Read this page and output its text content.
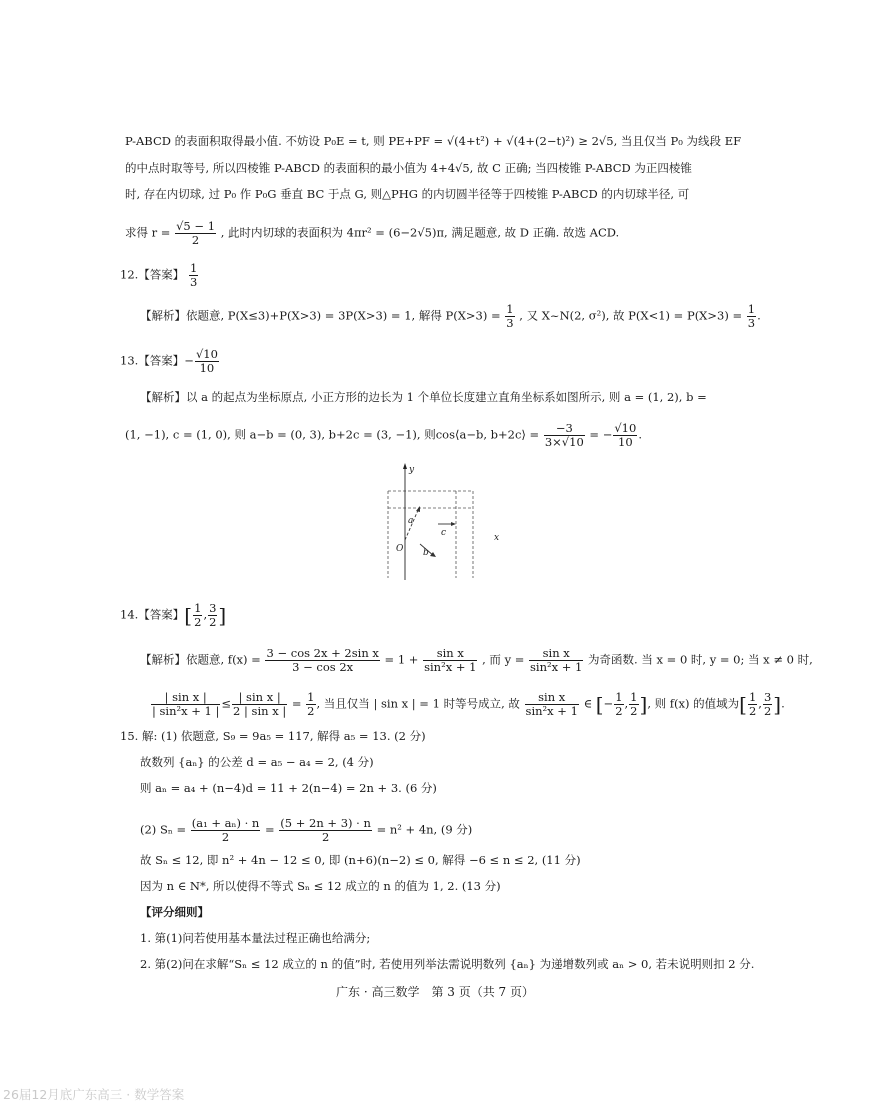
P-ABCD 的表面积取得最小值. 不妨设 P₀E = t, 则 PE+PF = √(4+t²) + √(4+(2−t)²) ≥ 2√5, 当且仅当 P₀ 为线段 EF
的中点时取等号, 所以四棱锥 P-ABCD 的表面积的最小值为 4+4√5, 故 C 正确; 当四棱锥 P-ABCD 为正四棱锥
时, 存在内切球, 过 P₀ 作 P₀G 垂直 BC 于点 G, 则△PHG 的内切圆半径等于四棱锥 P-ABCD 的内切球半径, 可
求得 $r = \frac{√5 - 1}{2}$ , 此时内切球的表面积为 4πr² = (6−2√5)π, 满足题意, 故 D 正确. 故选 ACD.
12.【答案】 $\frac{1}{3}$
【解析】依题意, P(X≤3)+P(X>3) = 3P(X>3) = 1, 解得 $P(X>3) = \frac{1}{3}$ , 又 X~N(2, σ²), 故 $P(X<1) = P(X>3) = \frac{1}{3}$ .
13.【答案】− $\frac{√10}{10}$
【解析】以 a 的起点为坐标原点, 小正方形的边长为 1 个单位长度建立直角坐标系如图所示, 则 a = (1, 2), b =
(1, −1), c = (1, 0), 则 a−b = (0, 3), b+2c = (3, −1), 则cos⟨a−b, b+2c⟩ = $\frac{-3}{3\times√10}$ = − $\frac{√10}{10}$ .
y
x
O
a
b
c
14.【答案】[ $\frac{1}{2}$ , $\frac{3}{2}$ ]
【解析】依题意, $f(x) = \frac{\text{3 − cos 2x + 2sin x}}{3 - \cos 2x} = 1 + \frac{\text{sin x}}{\text{sin²x + 1}}$ , 而 $y = \frac{\text{sin x}}{\text{sin²x + 1}}$ 为奇函数. 当 x = 0 时, y = 0; 当 x ≠ 0 时,
$\frac{\text{| sin x |}}{\text{| sin²x + 1 |}} \le \frac{\text{| sin x |}}{\text{2 | sin x |}} = \frac{1}{2}$ , 当且仅当 | sin x | = 1 时等号成立, 故 $\frac{\text{sin x}}{\text{sin²x + 1}}$ ∈ [− $\frac{1}{2}$ , $\frac{1}{2}$ ], 则 f(x) 的值域为[ $\frac{1}{2}$ , $\frac{3}{2}$ ].
15. 解: (1) 依题意, S₉ = 9a₅ = 117, 解得 a₅ = 13. (2 分)
故数列 {aₙ} 的公差 d = a₅ − a₄ = 2, (4 分)
则 aₙ = a₄ + (n−4)d = 11 + 2(n−4) = 2n + 3. (6 分)
(2) $S_n = \frac{\text{(a₁ + aₙ) · n}}{2} = \frac{(5 + 2n + 3) \cdot n}{2} = n^2 + 4n$, (9 分)
故 Sₙ ≤ 12, 即 n² + 4n − 12 ≤ 0, 即 (n+6)(n−2) ≤ 0, 解得 −6 ≤ n ≤ 2, (11 分)
因为 n ∈ N*, 所以使得不等式 Sₙ ≤ 12 成立的 n 的值为 1, 2. (13 分)
【评分细则】
1. 第(1)问若使用基本量法过程正确也给满分;
2. 第(2)问在求解“Sₙ ≤ 12 成立的 n 的值”时, 若使用列举法需说明数列 {aₙ} 为递增数列或 aₙ > 0, 若未说明则扣 2 分.
广东 · 高三数学　第 3 页（共 7 页）
26届12月底广东高三 · 数学答案
